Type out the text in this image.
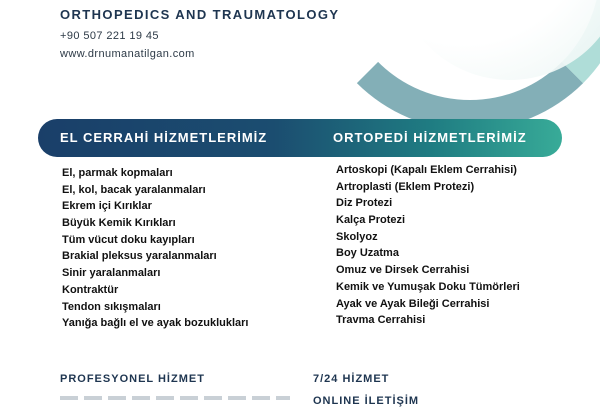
ORTHOPEDICS AND TRAUMATOLOGY
+90 507 221 19 45
www.drnumanatilgan.com
EL CERRAHİ HİZMETLERİMİZ	ORTOPEDİ HİZMETLERİMİZ
El, parmak kopmaları
El, kol, bacak yaralanmaları
Ekrem içi Kırıklar
Büyük Kemik Kırıkları
Tüm vücut doku kayıpları
Brakial pleksus yaralanmaları
Sinir yaralanmaları
Kontraktür
Tendon sıkışmaları
Yanığa bağlı el ve ayak bozuklukları
Artoskopi (Kapalı Eklem Cerrahisi)
Artroplasti (Eklem Protezi)
Diz Protezi
Kalça Protezi
Skolyoz
Boy Uzatma
Omuz ve Dirsek Cerrahisi
Kemik ve Yumuşak Doku Tümörleri
Ayak ve Ayak Bileği Cerrahisi
Travma Cerrahisi
PROFESYONEL HİZMET	7/24 HİZMET
ONLINE İLETİŞİM
